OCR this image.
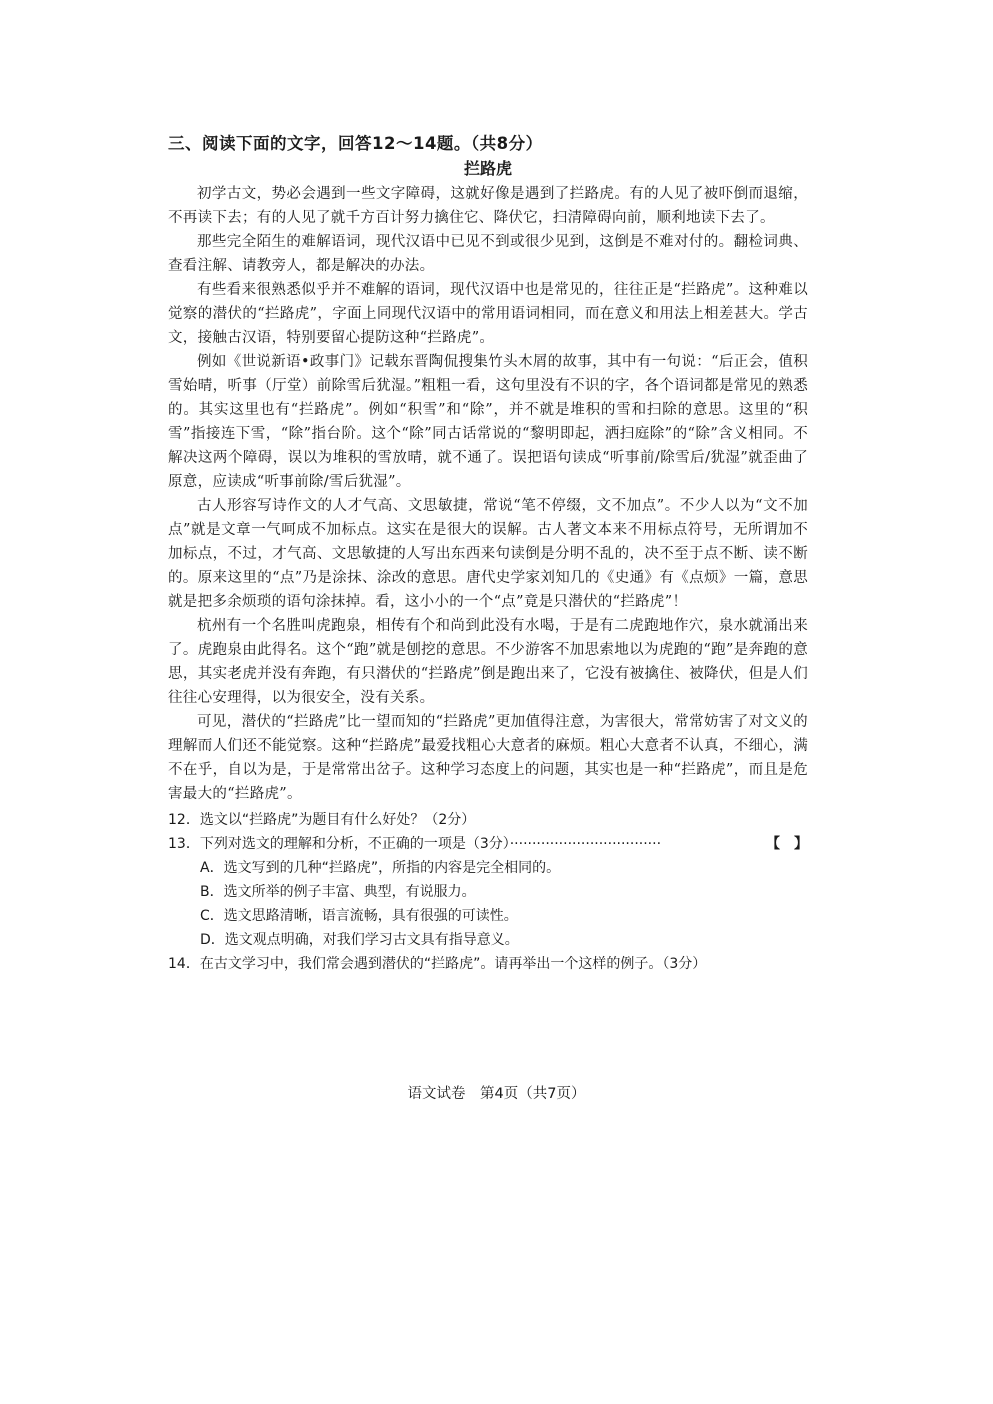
三、阅读下面的文字，回答12～14题。（共8分）
拦路虎

初学古文，势必会遇到一些文字障碍，这就好像是遇到了拦路虎。有的人见了被吓倒而退缩，不再读下去；有的人见了就千方百计努力擒住它、降伏它，扫清障碍向前，顺利地读下去了。

那些完全陌生的难解语词，现代汉语中已见不到或很少见到，这倒是不难对付的。翻检词典、查看注解、请教旁人，都是解决的办法。

有些看来很熟悉似乎并不难解的语词，现代汉语中也是常见的，往往正是“拦路虎”。这种难以觉察的潜伏的“拦路虎”，字面上同现代汉语中的常用语词相同，而在意义和用法上相差甚大。学古文，接触古汉语，特别要留心提防这种“拦路虎”。

例如《世说新语•政事门》记载东晋陶侃搜集竹头木屑的故事，其中有一句说：“后正会，值积雪始晴，听事（厅堂）前除雪后犹湿。”粗粗一看，这句里没有不识的字，各个语词都是常见的熟悉的。其实这里也有“拦路虎”。例如“积雪”和“除”，并不就是堆积的雪和扫除的意思。这里的“积雪”指接连下雪，“除”指台阶。这个“除”同古话常说的“黎明即起，洒扫庭除”的“除”含义相同。不解决这两个障碍，误以为堆积的雪放晴，就不通了。误把语句读成“听事前/除雪后/犹湿”就歪曲了原意，应读成“听事前除/雪后犹湿”。

古人形容写诗作文的人才气高、文思敏捷，常说“笔不停缀，文不加点”。不少人以为“文不加点”就是文章一气呵成不加标点。这实在是很大的误解。古人著文本来不用标点符号，无所谓加不加标点，不过，才气高、文思敏捷的人写出东西来句读倒是分明不乱的，决不至于点不断、读不断的。原来这里的“点”乃是涂抹、涂改的意思。唐代史学家刘知几的《史通》有《点烦》一篇，意思就是把多余烦琐的语句涂抹掉。看，这小小的一个“点”竟是只潜伏的“拦路虎”！

杭州有一个名胜叫虎跑泉，相传有个和尚到此没有水喝，于是有二虎跑地作穴，泉水就涌出来了。虎跑泉由此得名。这个“跑”就是刨挖的意思。不少游客不加思索地以为虎跑的“跑”是奔跑的意思，其实老虎并没有奔跑，有只潜伏的“拦路虎”倒是跑出来了，它没有被擒住、被降伏，但是人们往往心安理得，以为很安全，没有关系。

可见，潜伏的“拦路虎”比一望而知的“拦路虎”更加值得注意，为害很大，常常妨害了对文义的理解而人们还不能觉察。这种“拦路虎”最爱找粗心大意者的麻烦。粗心大意者不认真，不细心，满不在乎，自以为是，于是常常出岔子。这种学习态度上的问题，其实也是一种“拦路虎”，而且是危害最大的“拦路虎”。

12．选文以“拦路虎”为题目有什么好处？（2分）
13．下列对选文的理解和分析，不正确的一项是（3分）··································	【　】
A．选文写到的几种“拦路虎”，所指的内容是完全相同的。
B．选文所举的例子丰富、典型，有说服力。
C．选文思路清晰，语言流畅，具有很强的可读性。
D．选文观点明确，对我们学习古文具有指导意义。
14．在古文学习中，我们常会遇到潜伏的“拦路虎”。请再举出一个这样的例子。（3分）
语文试卷　第4页（共7页）
